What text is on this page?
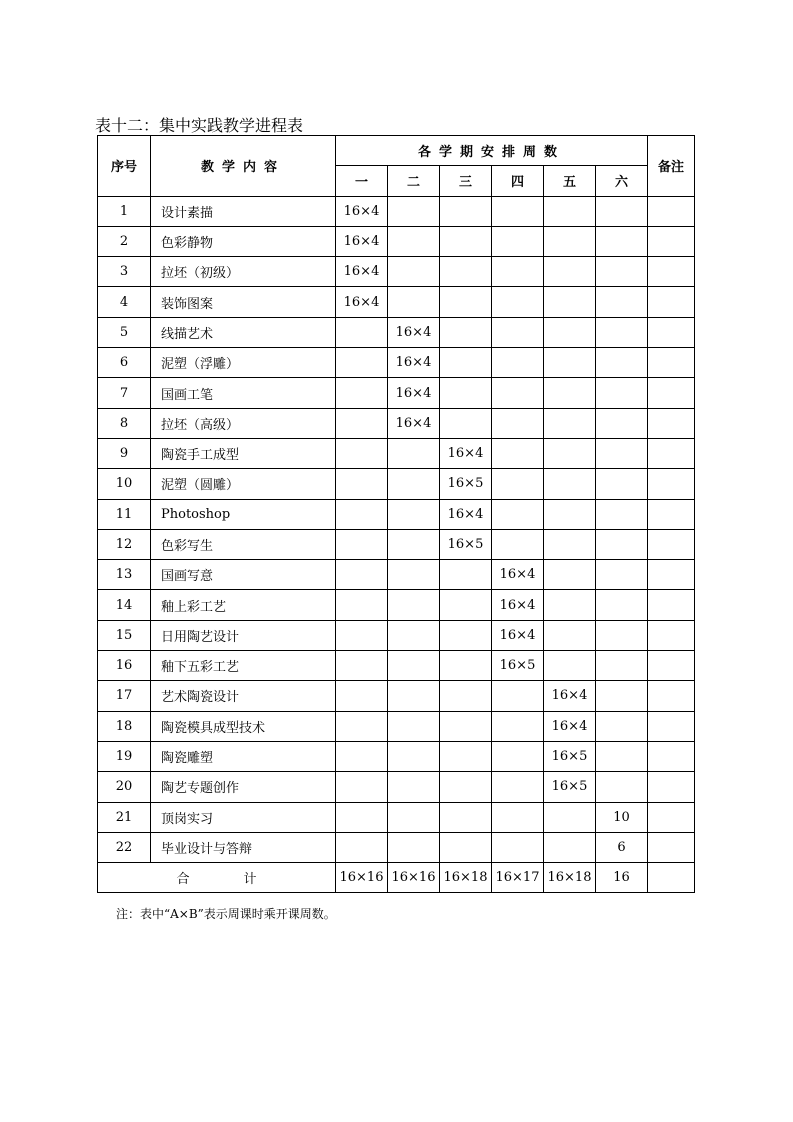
表十二：集中实践教学进程表
序号	教学内容	各学期安排周数						备注
		一	二	三	四	五	六	
1	设计素描	16×4						
2	色彩静物	16×4						
3	拉坯（初级）	16×4						
4	装饰图案	16×4						
5	线描艺术		16×4					
6	泥塑（浮雕）		16×4					
7	国画工笔		16×4					
8	拉坯（高级）		16×4					
9	陶瓷手工成型			16×4				
10	泥塑（圆雕）			16×5				
11	Photoshop			16×4				
12	色彩写生			16×5				
13	国画写意				16×4			
14	釉上彩工艺				16×4			
15	日用陶艺设计				16×4			
16	釉下五彩工艺				16×5			
17	艺术陶瓷设计					16×4		
18	陶瓷模具成型技术					16×4		
19	陶瓷雕塑					16×5		
20	陶艺专题创作					16×5		
21	顶岗实习						10	
22	毕业设计与答辩						6	
合 计		16×16	16×16	16×18	16×17	16×18	16	
注：表中“A×B”表示周课时乘开课周数。
